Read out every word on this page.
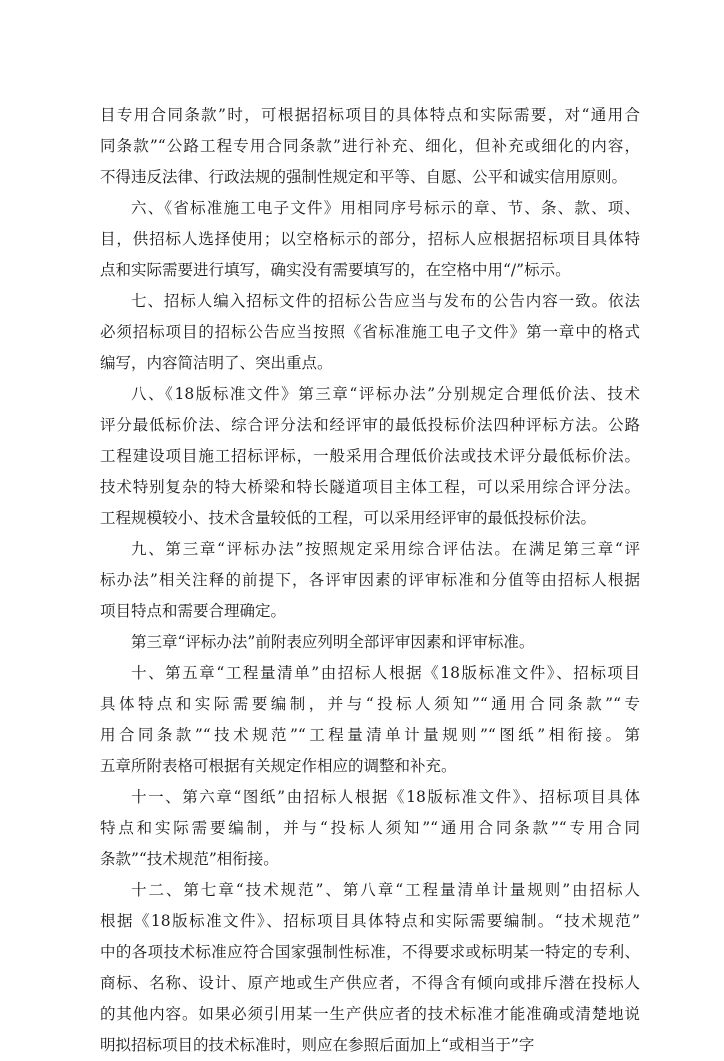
目专用合同条款”时，可根据招标项目的具体特点和实际需要，对“通用合
同条款”“公路工程专用合同条款”进行补充、细化，但补充或细化的内容，
不得违反法律、行政法规的强制性规定和平等、自愿、公平和诚实信用原则。
六、《省标准施工电子文件》用相同序号标示的章、节、条、款、项、
目，供招标人选择使用；以空格标示的部分，招标人应根据招标项目具体特
点和实际需要进行填写，确实没有需要填写的，在空格中用“/”标示。
七、招标人编入招标文件的招标公告应当与发布的公告内容一致。依法
必须招标项目的招标公告应当按照《省标准施工电子文件》第一章中的格式
编写，内容简洁明了、突出重点。
八、《18版标准文件》第三章“评标办法”分别规定合理低价法、技术
评分最低标价法、综合评分法和经评审的最低投标价法四种评标方法。公路
工程建设项目施工招标评标，一般采用合理低价法或技术评分最低标价法。
技术特别复杂的特大桥梁和特长隧道项目主体工程，可以采用综合评分法。
工程规模较小、技术含量较低的工程，可以采用经评审的最低投标价法。
九、第三章“评标办法”按照规定采用综合评估法。在满足第三章“评
标办法”相关注释的前提下，各评审因素的评审标准和分值等由招标人根据
项目特点和需要合理确定。
第三章“评标办法”前附表应列明全部评审因素和评审标准。
十、第五章“工程量清单”由招标人根据《18版标准文件》、招标项目
具体特点和实际需要编制，并与“投标人须知”“通用合同条款”“专
用合同条款”“技术规范”“工程量清单计量规则”“图纸”相衔接。第
五章所附表格可根据有关规定作相应的调整和补充。
十一、第六章“图纸”由招标人根据《18版标准文件》、招标项目具体
特点和实际需要编制，并与“投标人须知”“通用合同条款”“专用合同
条款”“技术规范”相衔接。
十二、第七章“技术规范”、第八章“工程量清单计量规则”由招标人
根据《18版标准文件》、招标项目具体特点和实际需要编制。“技术规范”
中的各项技术标准应符合国家强制性标准，不得要求或标明某一特定的专利、
商标、名称、设计、原产地或生产供应者，不得含有倾向或排斥潜在投标人
的其他内容。如果必须引用某一生产供应者的技术标准才能准确或清楚地说
明拟招标项目的技术标准时，则应在参照后面加上“或相当于”字
